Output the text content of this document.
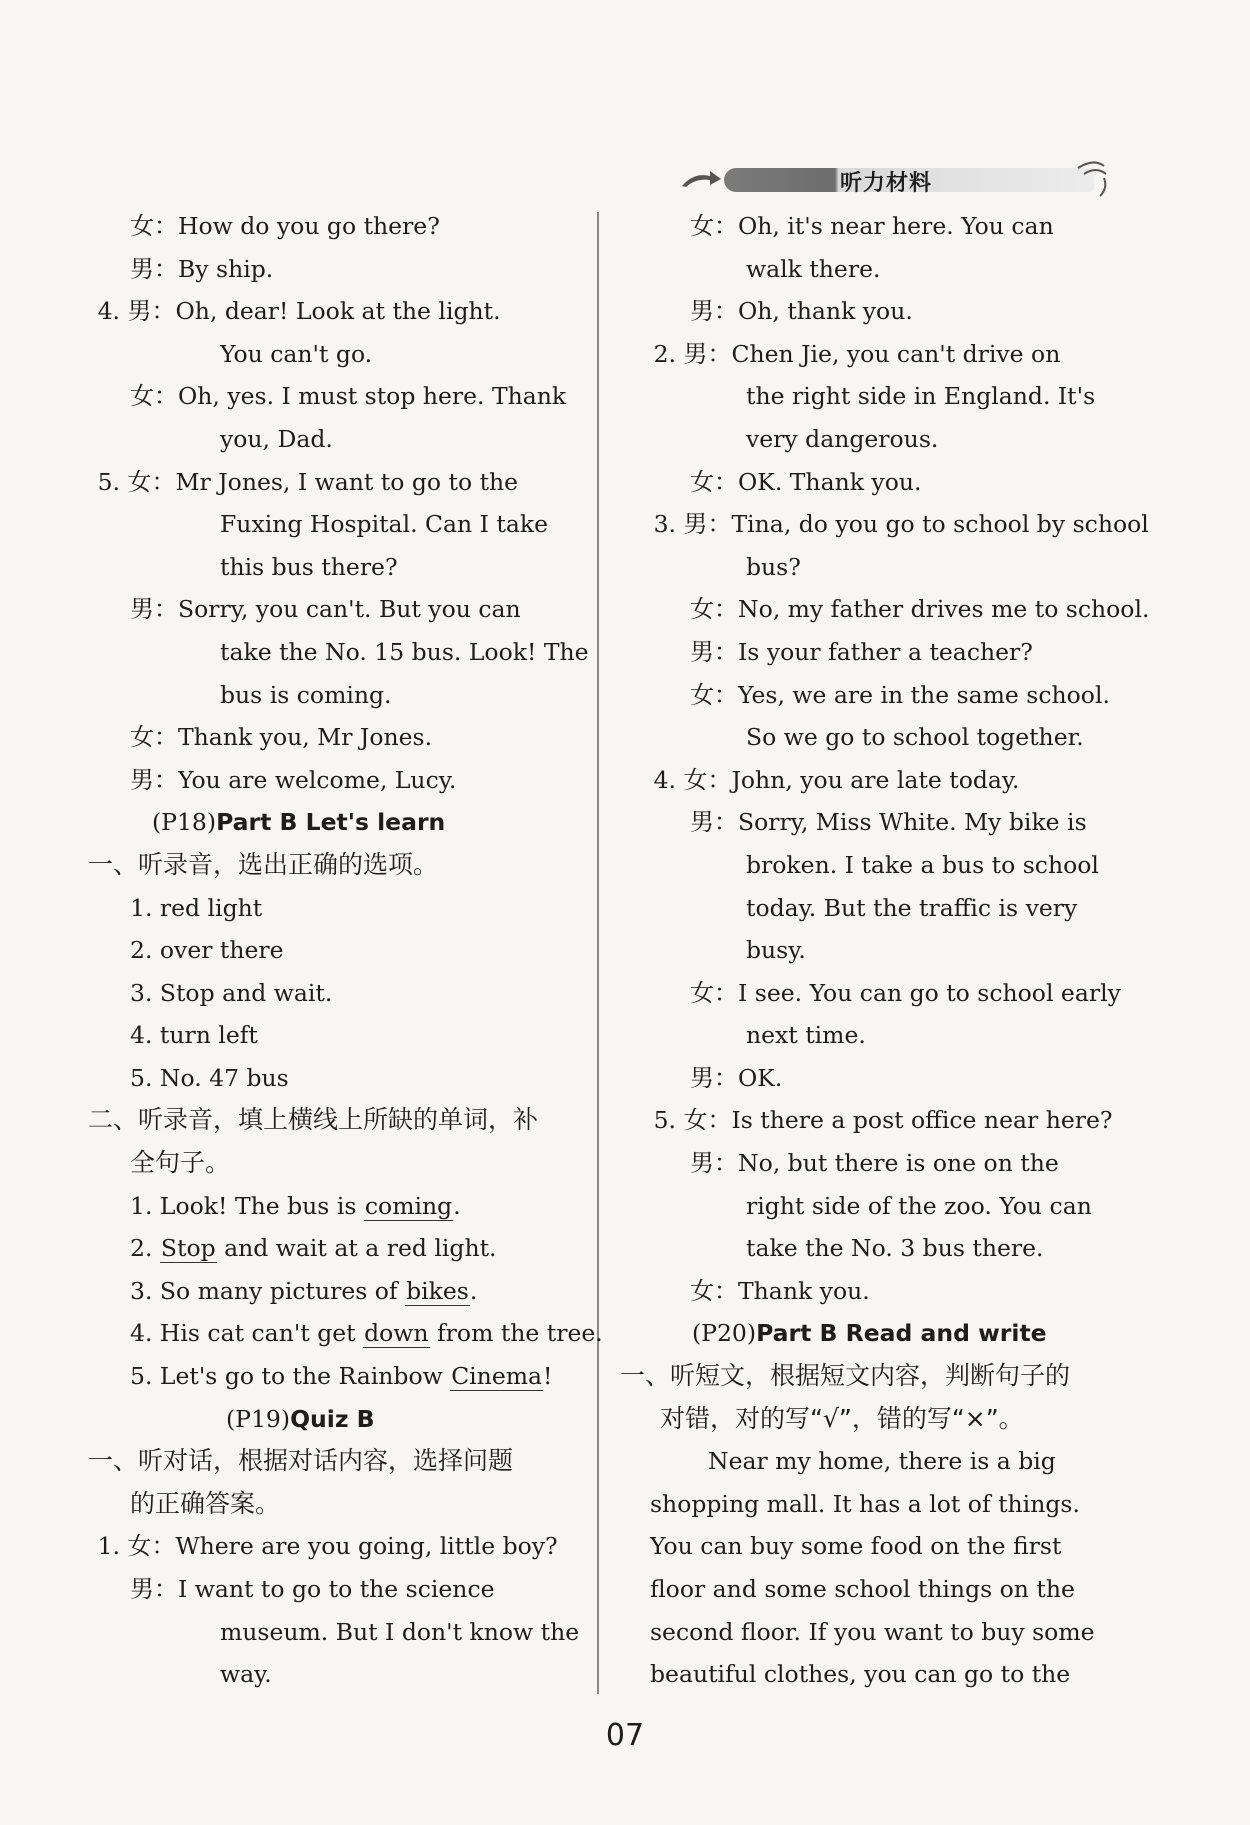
听力材料
女：How do you go there?
男：By ship.
4. 男：Oh, dear! Look at the light.
You can't go.
女：Oh, yes. I must stop here. Thank
you, Dad.
5. 女：Mr Jones, I want to go to the
Fuxing Hospital. Can I take
this bus there?
男：Sorry, you can't. But you can
take the No. 15 bus. Look! The
bus is coming.
女：Thank you, Mr Jones.
男：You are welcome, Lucy.
(P18)Part B Let's learn
一、听录音，选出正确的选项。
1. red light
2. over there
3. Stop and wait.
4. turn left
5. No. 47 bus
二、听录音，填上横线上所缺的单词，补
全句子。
1. Look! The bus is coming.
2. Stop and wait at a red light.
3. So many pictures of bikes.
4. His cat can't get down from the tree.
5. Let's go to the Rainbow Cinema!
(P19)Quiz B
一、听对话，根据对话内容，选择问题
的正确答案。
1. 女：Where are you going, little boy?
男：I want to go to the science
museum. But I don't know the
way.
女：Oh, it's near here. You can
walk there.
男：Oh, thank you.
2. 男：Chen Jie, you can't drive on
the right side in England. It's
very dangerous.
女：OK. Thank you.
3. 男：Tina, do you go to school by school
bus?
女：No, my father drives me to school.
男：Is your father a teacher?
女：Yes, we are in the same school.
So we go to school together.
4. 女：John, you are late today.
男：Sorry, Miss White. My bike is
broken. I take a bus to school
today. But the traffic is very
busy.
女：I see. You can go to school early
next time.
男：OK.
5. 女：Is there a post office near here?
男：No, but there is one on the
right side of the zoo. You can
take the No. 3 bus there.
女：Thank you.
(P20)Part B Read and write
一、听短文，根据短文内容，判断句子的
对错，对的写“√”，错的写“×”。
Near my home, there is a big
shopping mall. It has a lot of things.
You can buy some food on the first
floor and some school things on the
second floor. If you want to buy some
beautiful clothes, you can go to the
07
